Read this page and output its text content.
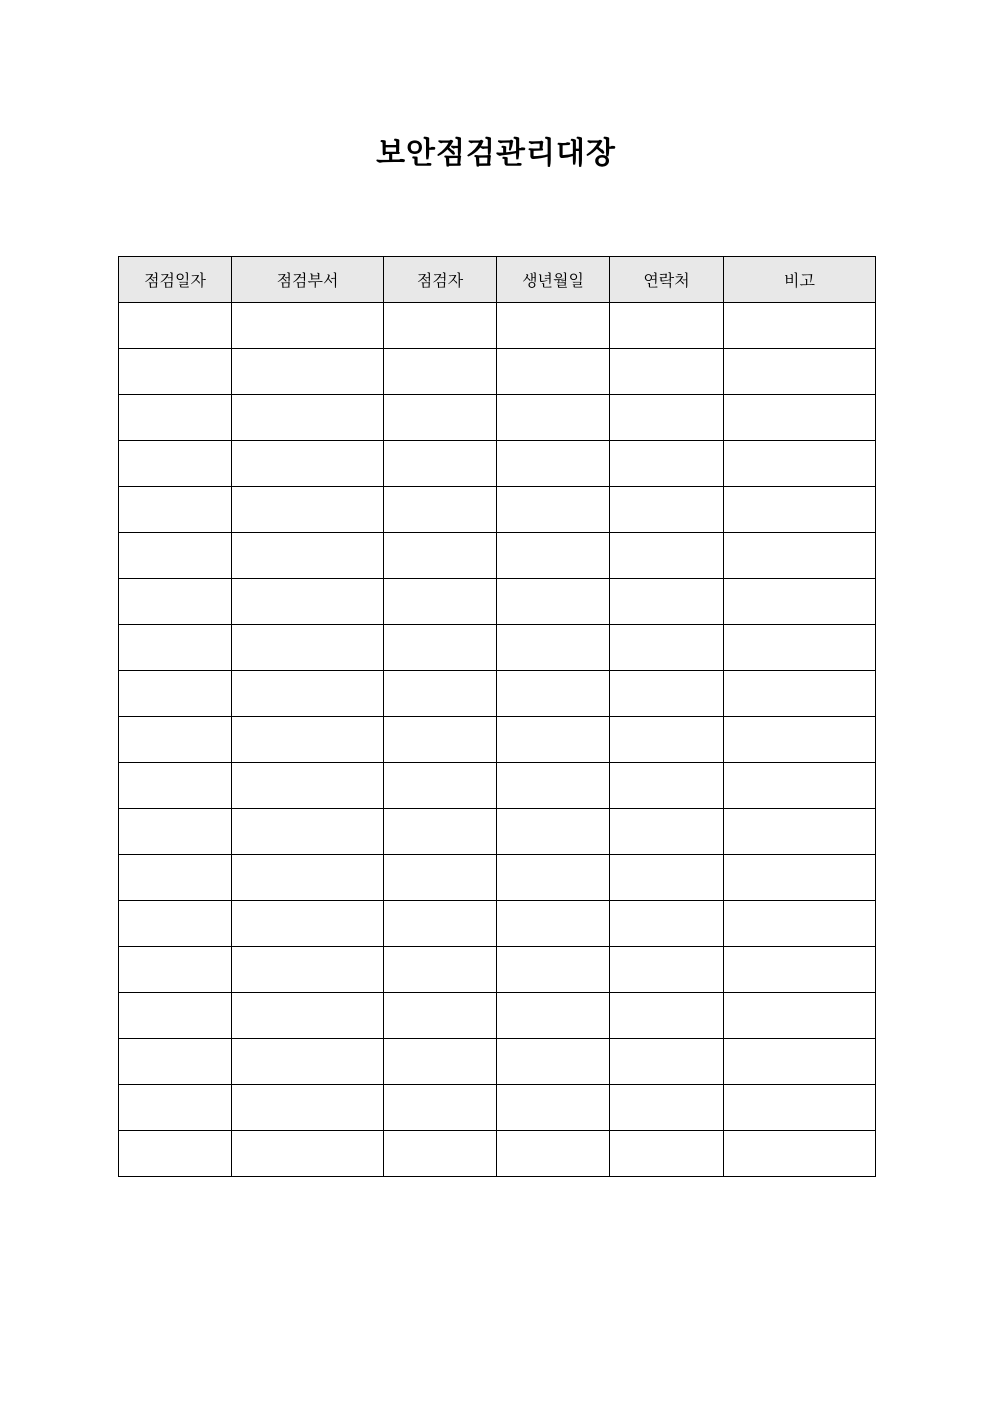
보안점검관리대장
점검일자	점검부서	점검자	생년월일	연락처	비고
